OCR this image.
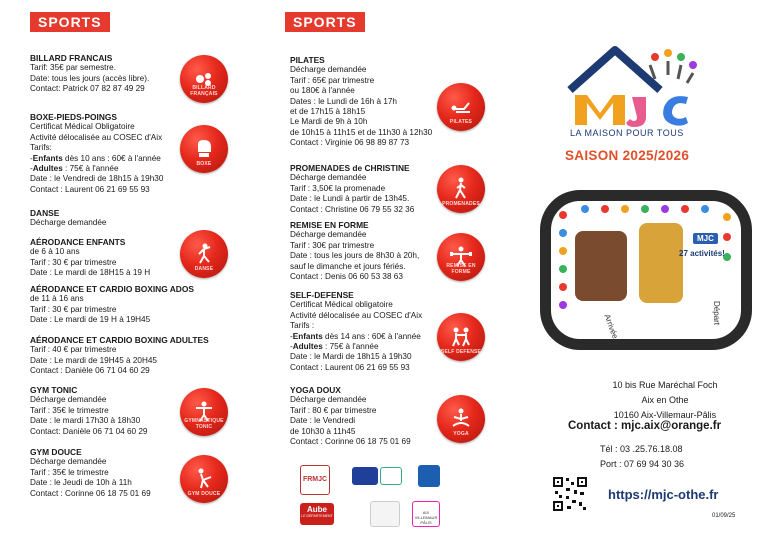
SPORTS	SPORTS
BILLARD FRANCAIS
Tarif: 35€ par semestre.
Date: tous les jours (accès libre).
Contact: Patrick 07 82 87 49 29
BOXE-PIEDS-POINGS
Certificat Médical Obligatoire
Activité délocalisée au COSEC d'Aix
Tarifs:
-Enfants dès 10 ans : 60€ à l'année
-Adultes : 75€ à l'année
Date : le Vendredi de 18h15 à 19h30
Contact : Laurent 06 21 69 55 93
DANSE
Décharge demandée
AÉRODANCE ENFANTS
de 6 à 10 ans
Tarif : 30 € par trimestre
Date : Le mardi de 18H15 à 19 H
AÉRODANCE ET CARDIO BOXING ADOS
de 11 à 16 ans
Tarif : 30 € par trimestre
Date : Le mardi de 19 H à 19H45
AÉRODANCE ET CARDIO BOXING ADULTES
Tarif : 40 € par trimestre
Date : Le mardi de 19H45 à 20H45
Contact : Danièle 06 71 04 60 29
GYM TONIC
Décharge demandée
Tarif : 35€ le trimestre
Date : le mardi 17h30 à 18h30
Contact: Danièle 06 71 04 60 29
GYM DOUCE
Décharge demandée
Tarif : 35€ le trimestre
Date : le Jeudi de 10h à 11h
Contact : Corinne 06 18 75 01 69
PILATES
Décharge demandée
Tarif : 65€ par trimestre
ou 180€ à l'année
Dates : le Lundi de 16h à 17h
et de 17h15 à 18h15
Le Mardi de 9h à 10h
de 10h15 à 11h15 et de 11h30 à 12h30
Contact : Virginie 06 98 89 87 73
PROMENADES de CHRISTINE
Décharge demandée
Tarif : 3,50€ la promenade
Date : le Lundi à partir de 13h45.
Contact : Christine 06 79 55 32 36
REMISE EN FORME
Décharge demandée
Tarif : 30€ par trimestre
Date : tous les jours de 8h30 à 20h,
sauf le dimanche et jours fériés.
Contact : Denis 06 60 53 38 63
SELF-DEFENSE
Certificat Médical obligatoire
Activité délocalisée au COSEC d'Aix
Tarifs :
-Enfants dès 14 ans : 60€ à l'année
-Adultes : 75€ à l'année
Date : le Mardi de 18h15 à 19h30
Contact : Laurent 06 21 69 55 93
YOGA DOUX
Décharge demandée
Tarif : 80 € par trimestre
Date : le Vendredi
de 10h30 à 11h45
Contact : Corinne 06 18 75 01 69
BILLARD FRANÇAIS
BOXE
DANSE
GYMNASTIQUE TONIC
GYM DOUCE
PILATES
PROMENADES
REMISE EN FORME
SELF DEFENSE
YOGA
FRMJC
Aube
LE DÉPARTEMENT
AIX VILLEMAUR PÂLIS
LA MAISON POUR TOUS
SAISON 2025/2026
MJC
27 activités!
Arrivée	Départ
10 bis Rue Maréchal Foch
Aix en Othe
10160 Aix-Villemaur-Pâlis
Contact : mjc.aix@orange.fr
Tél : 03 .25.76.18.08
Port : 07 69 94 30 36
https://mjc-othe.fr
01/09/25
